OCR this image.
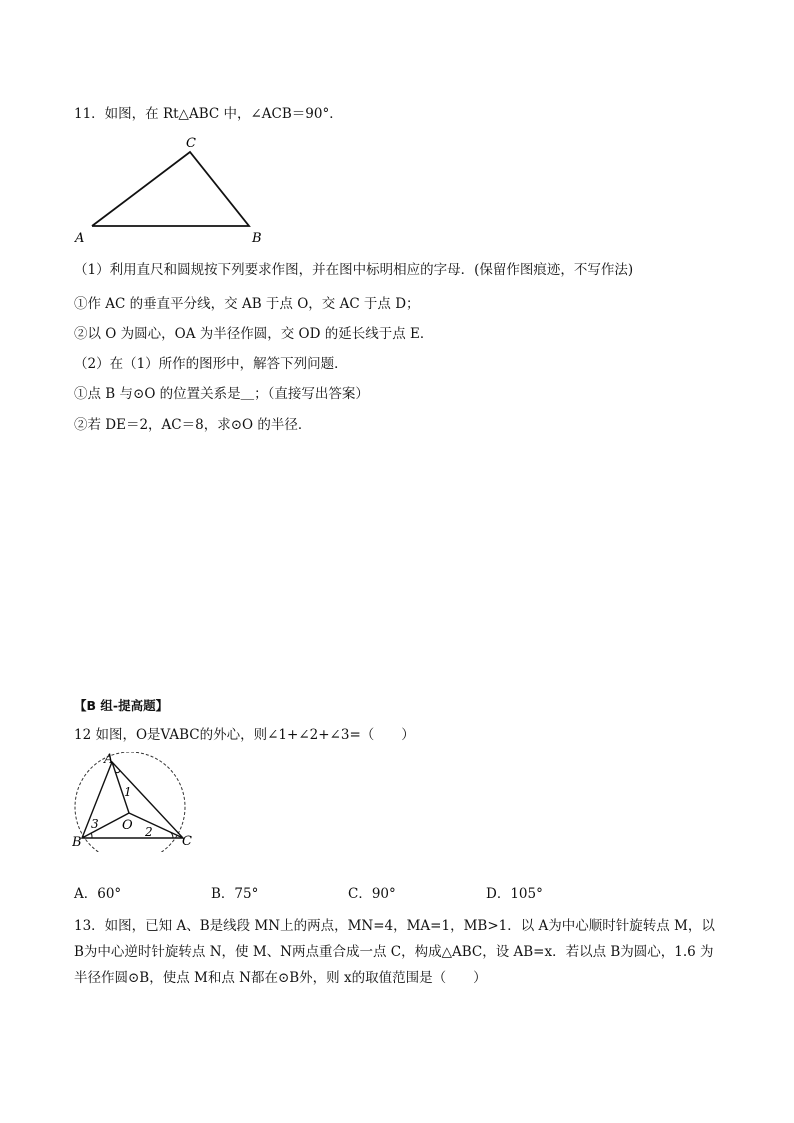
11．如图，在 Rt△ABC 中，∠ACB＝90°．
C
A	B
（1）利用直尺和圆规按下列要求作图，并在图中标明相应的字母．(保留作图痕迹，不写作法)
①作 AC 的垂直平分线，交 AB 于点 O，交 AC 于点 D；
②以 O 为圆心，OA 为半径作圆，交 OD 的延长线于点 E．
（2）在（1）所作的图形中，解答下列问题．
①点 B 与⊙O 的位置关系是＿；（直接写出答案）
②若 DE＝2，AC＝8，求⊙O 的半径．
【B 组-提高题】
12 如图，O是VABC的外心，则∠1+∠2+∠3=（　　）
A
B	C
O
1
2
3
A．60°	B．75°	C．90°	D．105°
13．如图，已知 A、B是线段 MN上的两点，MN=4，MA=1，MB>1．以 A为中心顺时针旋转点 M，以 B为中心逆时针旋转点 N，使 M、N两点重合成一点 C，构成△ABC，设 AB=x．若以点 B为圆心，1.6 为半径作圆⊙B，使点 M和点 N都在⊙B外，则 x的取值范围是（　　）
